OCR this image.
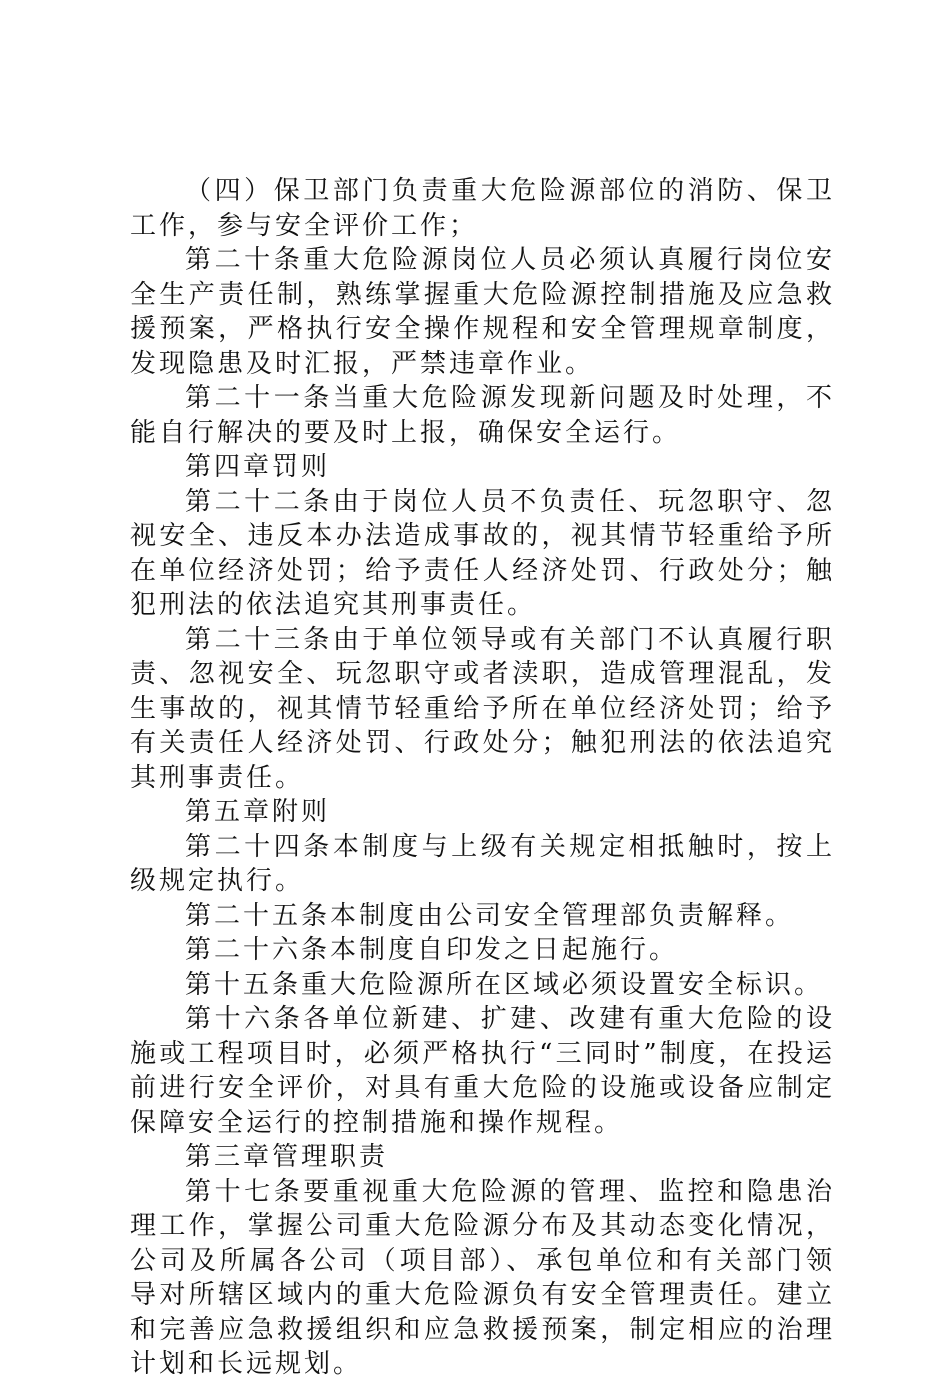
（四）保卫部门负责重大危险源部位的消防、保卫工作，参与安全评价工作；

第二十条重大危险源岗位人员必须认真履行岗位安全生产责任制，熟练掌握重大危险源控制措施及应急救援预案，严格执行安全操作规程和安全管理规章制度，发现隐患及时汇报，严禁违章作业。

第二十一条当重大危险源发现新问题及时处理，不能自行解决的要及时上报，确保安全运行。

第四章罚则

第二十二条由于岗位人员不负责任、玩忽职守、忽视安全、违反本办法造成事故的，视其情节轻重给予所在单位经济处罚；给予责任人经济处罚、行政处分；触犯刑法的依法追究其刑事责任。

第二十三条由于单位领导或有关部门不认真履行职责、忽视安全、玩忽职守或者渎职，造成管理混乱，发生事故的，视其情节轻重给予所在单位经济处罚；给予有关责任人经济处罚、行政处分；触犯刑法的依法追究其刑事责任。

第五章附则

第二十四条本制度与上级有关规定相抵触时，按上级规定执行。

第二十五条本制度由公司安全管理部负责解释。

第二十六条本制度自印发之日起施行。

第十五条重大危险源所在区域必须设置安全标识。

第十六条各单位新建、扩建、改建有重大危险的设施或工程项目时，必须严格执行“三同时”制度，在投运前进行安全评价，对具有重大危险的设施或设备应制定保障安全运行的控制措施和操作规程。

第三章管理职责

第十七条要重视重大危险源的管理、监控和隐患治理工作，掌握公司重大危险源分布及其动态变化情况，公司及所属各公司（项目部）、承包单位和有关部门领导对所辖区域内的重大危险源负有安全管理责任。建立和完善应急救援组织和应急救援预案，制定相应的治理计划和长远规划。
